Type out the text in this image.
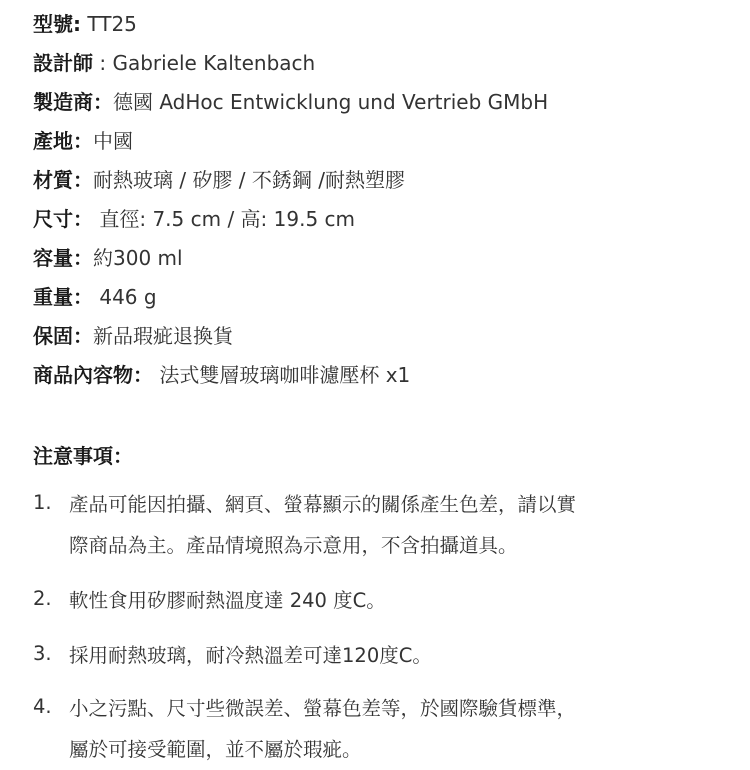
型號: TT25
設計師 : Gabriele Kaltenbach
製造商：德國 AdHoc Entwicklung und Vertrieb GMbH
產地：中國
材質：耐熱玻璃 / 矽膠 / 不銹鋼 /耐熱塑膠
尺寸： 直徑: 7.5 cm / 高: 19.5 cm
容量：約300 ml
重量： 446 g
保固：新品瑕疵退換貨
商品內容物： 法式雙層玻璃咖啡濾壓杯 x1
注意事項：
1. 產品可能因拍攝、網頁、螢幕顯示的關係產生色差，請以實
際商品為主。產品情境照為示意用，不含拍攝道具。
2. 軟性食用矽膠耐熱溫度達 240 度C。
3. 採用耐熱玻璃，耐冷熱溫差可達120度C。
4. 小之污點、尺寸些微誤差、螢幕色差等，於國際驗貨標準，
屬於可接受範圍，並不屬於瑕疵。
